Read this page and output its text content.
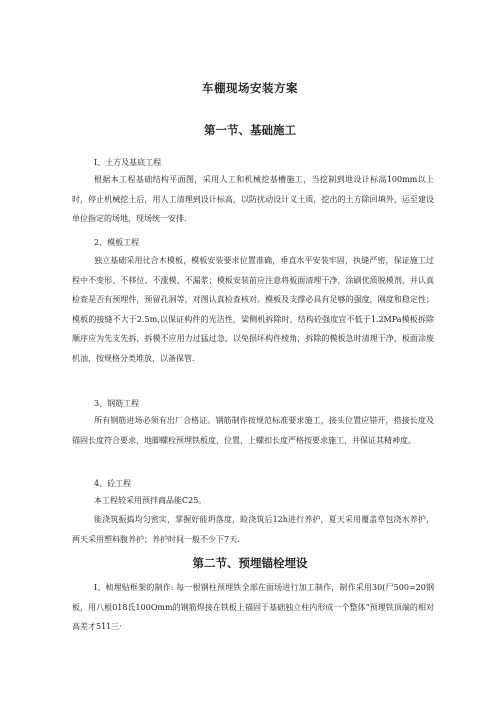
车棚现场安装方案
第一节、基础施工

I、土方及基底工程

根据本工程基础结构平面图，采用人工和机械挖基槽施工，当挖制到地设计标高100mm以上时，停止机械挖土后，用人工清理到设计标高，以防扰动设计义土质，挖出的土方除回填外，运至建设单位指定的场地，现场统一安排.

2、模板工程

独立基础采用比合木模板，模板安装要求位置准确，垂直水平安装牢固，执缝严密，保证施工过程中不变形、不移位、不涨模、不漏浆；模板安装前应注意将板面清理干净，涂刷优质脱模剂，并认真检查是否有预埋件，预留孔洞等，对图认真检查核对。模板及支撑必具有足够的强度，刚度和稳定性；模板的接缝不大于2.5m,以保证构件的光洁性，梁侧机拆除时，结构砼强度宜不低于1.2MPa模板拆除顺序应为先支先拆，拆模不应用力过猛过急，以免损坏构件棱角，拆除的模板急时清理干净，板面涂废机油，按规格分类堆放，以备保管.

3、钢筋工程

所有钢筋进场必须有出厂合格证。钢筋制作按规范标准要求施工，接头位置应错开，搭接长度及锚固长度符合要求，地脚螺栓预埋铁板度，位置，上螺扣长度严格按要求施工，并保证其精神度。

4、砼工程

本工程较采用预拌商品能C25。

能浇筑振捣均匀密实，掌握好能坍落度，睑浇筑后12h进行养护，夏天采用覆盖草包浇水养护，两天采用塑料腹养护；养护时间一般不少下7天.

第二节、预埋锚栓埋设

I、桢埋贴框架的制作: 每一根钢柱预埋铁全部在面场进行加工制作，制作采用30(尸500=20钢板，用八根018氐100Omm的钢筋焊接在铁板上锚固于基础独立柱内形成一个整体“预理铁顶端的相对高差才511三·
